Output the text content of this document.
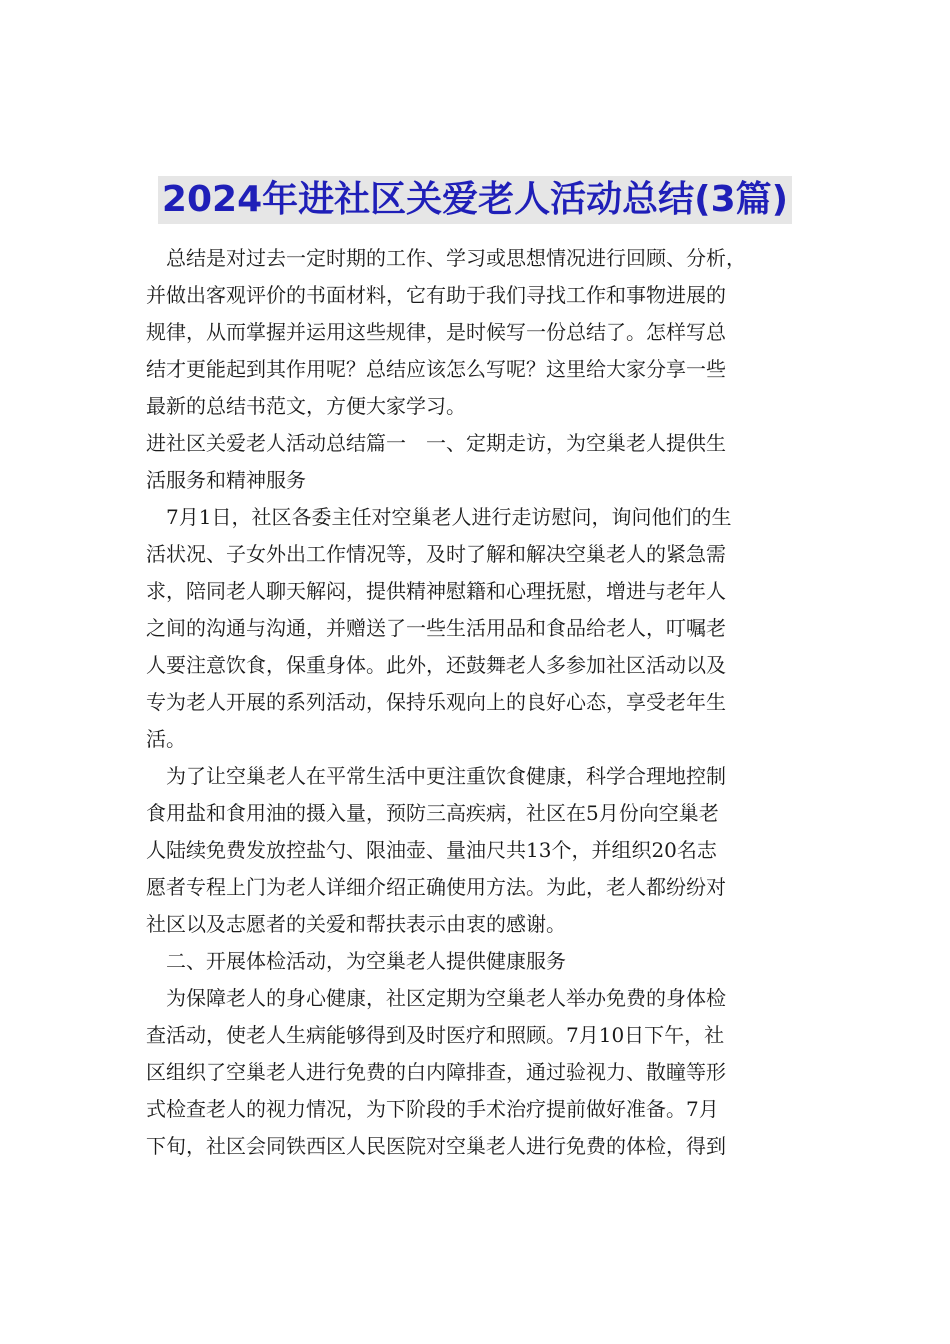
2024年进社区关爱老人活动总结(3篇)
　总结是对过去一定时期的工作、学习或思想情况进行回顾、分析，
并做出客观评价的书面材料，它有助于我们寻找工作和事物进展的
规律，从而掌握并运用这些规律，是时候写一份总结了。怎样写总
结才更能起到其作用呢？总结应该怎么写呢？这里给大家分享一些
最新的总结书范文，方便大家学习。
进社区关爱老人活动总结篇一　一、定期走访，为空巢老人提供生
活服务和精神服务
　7月1日，社区各委主任对空巢老人进行走访慰问，询问他们的生
活状况、子女外出工作情况等，及时了解和解决空巢老人的紧急需
求，陪同老人聊天解闷，提供精神慰籍和心理抚慰，增进与老年人
之间的沟通与沟通，并赠送了一些生活用品和食品给老人，叮嘱老
人要注意饮食，保重身体。此外，还鼓舞老人多参加社区活动以及
专为老人开展的系列活动，保持乐观向上的良好心态，享受老年生
活。
　为了让空巢老人在平常生活中更注重饮食健康，科学合理地控制
食用盐和食用油的摄入量，预防三高疾病，社区在5月份向空巢老
人陆续免费发放控盐勺、限油壶、量油尺共13个，并组织20名志
愿者专程上门为老人详细介绍正确使用方法。为此，老人都纷纷对
社区以及志愿者的关爱和帮扶表示由衷的感谢。
　二、开展体检活动，为空巢老人提供健康服务
　为保障老人的身心健康，社区定期为空巢老人举办免费的身体检
查活动，使老人生病能够得到及时医疗和照顾。7月10日下午，社
区组织了空巢老人进行免费的白内障排查，通过验视力、散瞳等形
式检查老人的视力情况，为下阶段的手术治疗提前做好准备。7月
下旬，社区会同铁西区人民医院对空巢老人进行免费的体检，得到
